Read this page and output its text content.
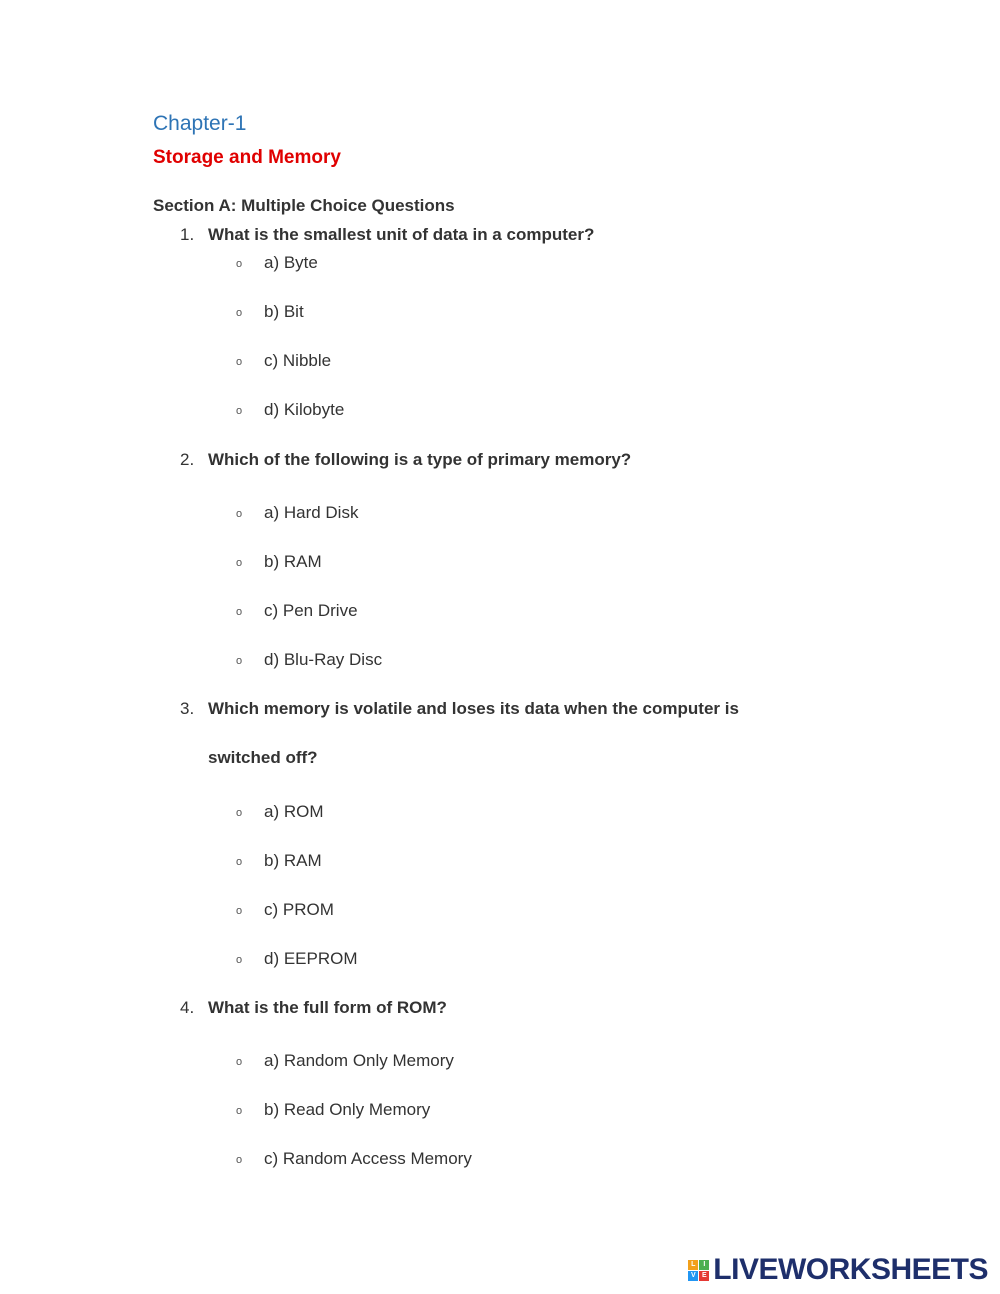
Chapter-1
Storage and Memory
Section A: Multiple Choice Questions
1. What is the smallest unit of data in a computer?
o a) Byte
o b) Bit
o c) Nibble
o d) Kilobyte
2. Which of the following is a type of primary memory?
o a) Hard Disk
o b) RAM
o c) Pen Drive
o d) Blu-Ray Disc
3. Which memory is volatile and loses its data when the computer is
switched off?
o a) ROM
o b) RAM
o c) PROM
o d) EEPROM
4. What is the full form of ROM?
o a) Random Only Memory
o b) Read Only Memory
o c) Random Access Memory
L	I
V E LIVEWORKSHEETS
